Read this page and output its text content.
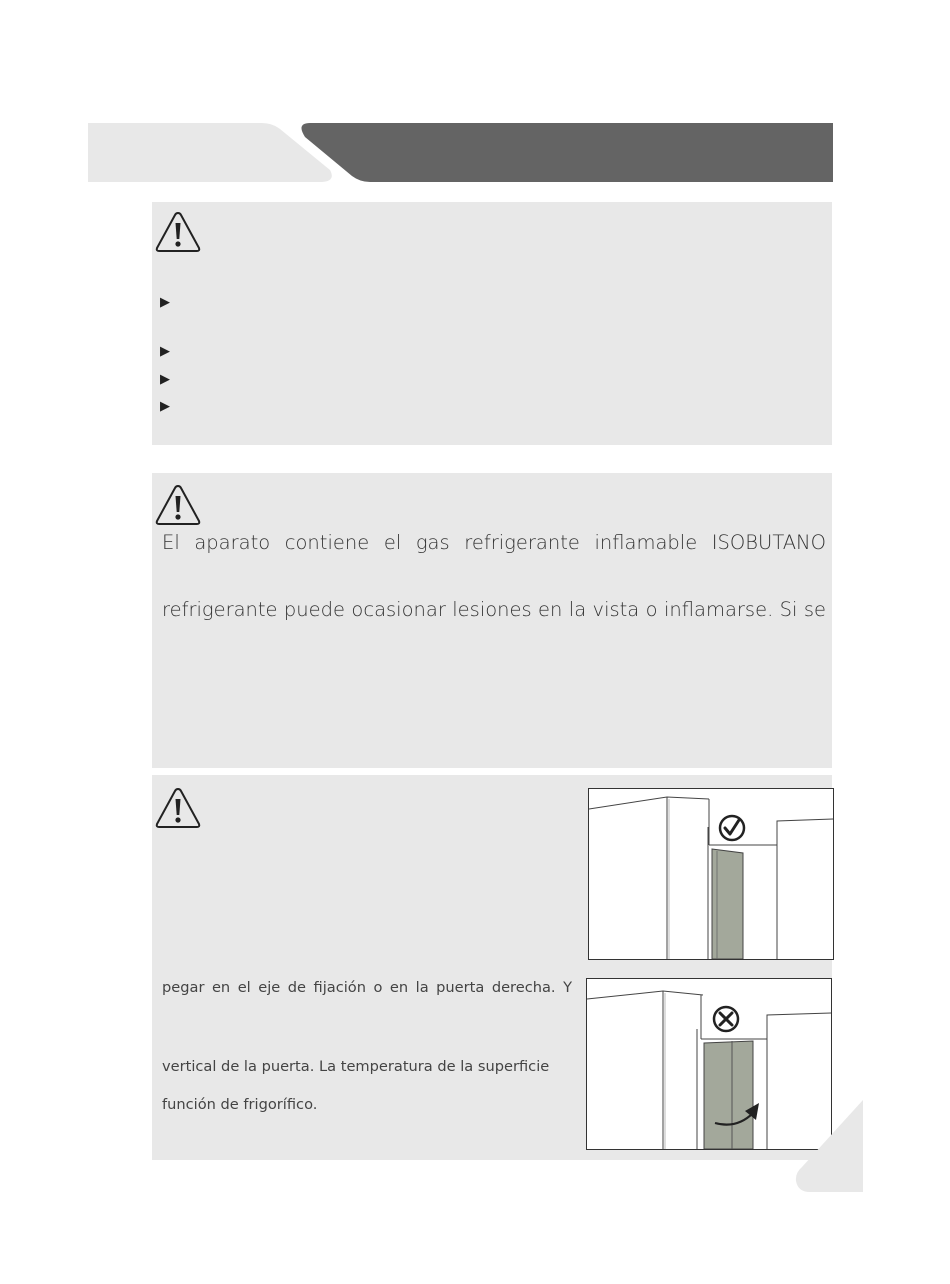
▶
▶
▶
▶
El aparato contiene el gas refrigerante inflamable ISOBUTANO
refrigerante puede ocasionar lesiones en la vista o inflamarse. Si se
pegar en el eje de fijación o en la puerta derecha. Y
vertical de la puerta. La temperatura de la superficie
función de frigorífico.
